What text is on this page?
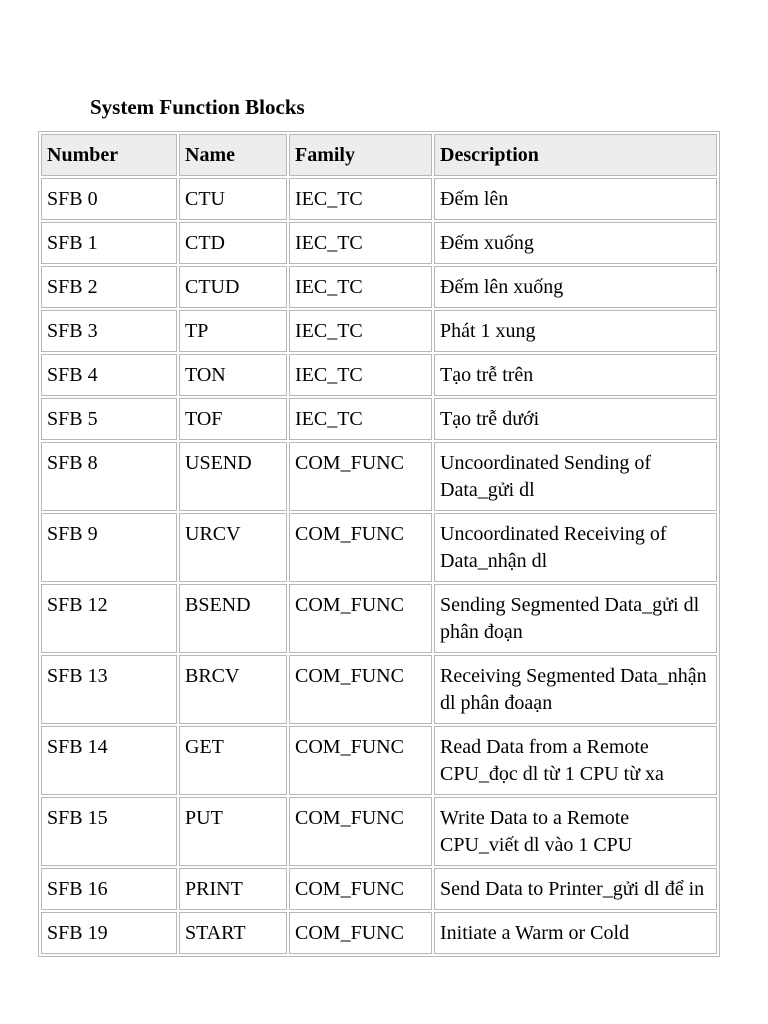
System Function Blocks
Number	Name	Family	Description
SFB 0	CTU	IEC_TC	Đếm lên
SFB 1	CTD	IEC_TC	Đếm xuống
SFB 2	CTUD	IEC_TC	Đếm lên xuống
SFB 3	TP	IEC_TC	Phát 1 xung
SFB 4	TON	IEC_TC	Tạo trễ trên
SFB 5	TOF	IEC_TC	Tạo trễ dưới
SFB 8	USEND	COM_FUNC	Uncoordinated Sending of Data_gửi dl
SFB 9	URCV	COM_FUNC	Uncoordinated Receiving of Data_nhận dl
SFB 12	BSEND	COM_FUNC	Sending Segmented Data_gửi dl phân đoạn
SFB 13	BRCV	COM_FUNC	Receiving Segmented Data_nhận dl phân đoaạn
SFB 14	GET	COM_FUNC	Read Data from a Remote CPU_đọc dl từ 1 CPU từ xa
SFB 15	PUT	COM_FUNC	Write Data to a Remote CPU_viết dl vào 1 CPU
SFB 16	PRINT	COM_FUNC	Send Data to Printer_gửi dl để in
SFB 19	START	COM_FUNC	Initiate a Warm or Cold
